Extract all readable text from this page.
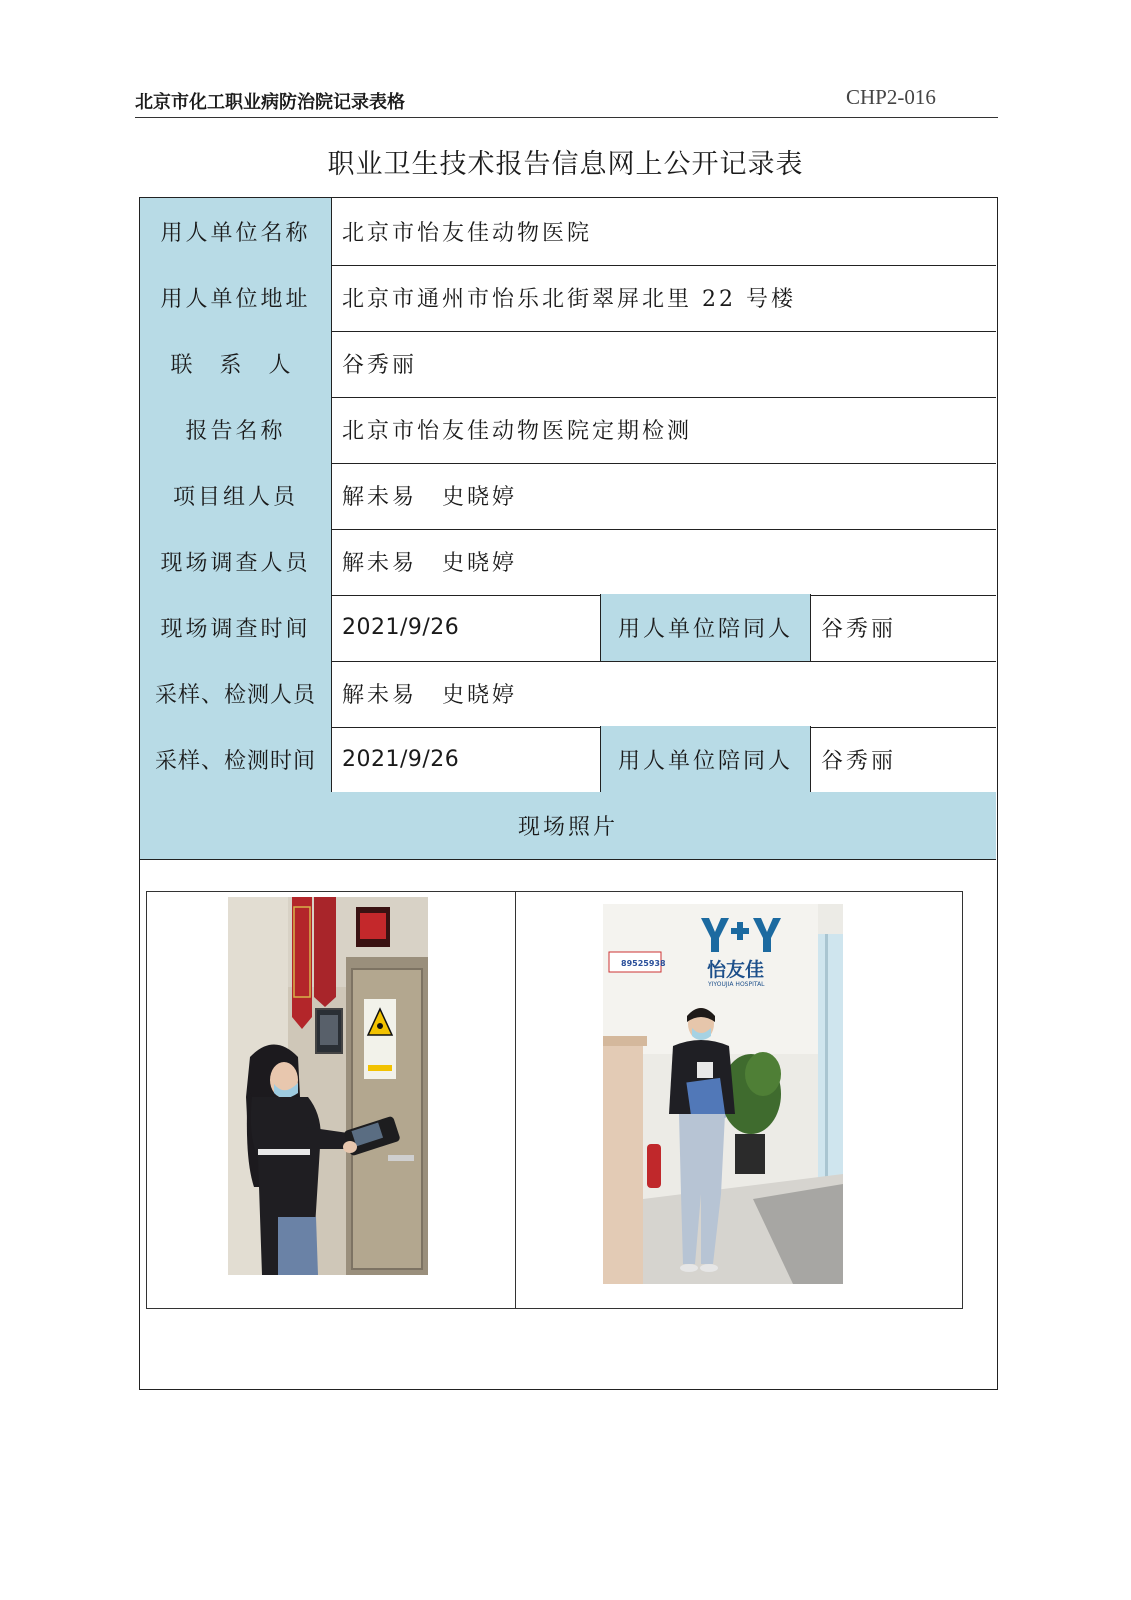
北京市化工职业病防治院记录表格	CHP2-016
职业卫生技术报告信息网上公开记录表
用人单位名称	北京市怡友佳动物医院
用人单位地址	北京市通州市怡乐北街翠屏北里 22 号楼
联 系 人	谷秀丽
报告名称	北京市怡友佳动物医院定期检测
项目组人员	解未易　史晓婷
现场调查人员	解未易　史晓婷
现场调查时间	2021/9/26	用人单位陪同人	谷秀丽
采样、检测人员	解未易　史晓婷
采样、检测时间	2021/9/26	用人单位陪同人	谷秀丽
现场照片
89525938 怡友佳
YIYOUJIA HOSPITAL
